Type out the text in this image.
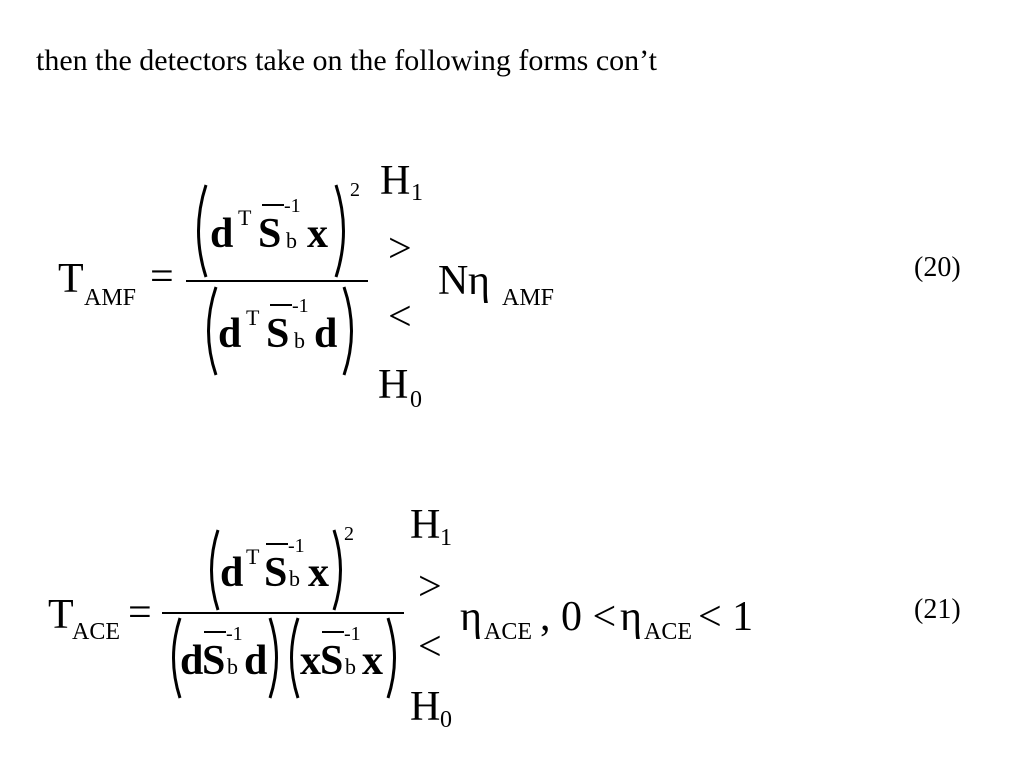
then the detectors take on the following forms con’t
T AMF =
d T S
-1
b x
2
d T S
-1
b d
H 1
>
<
H 0
N η AMF
(20)
T
ACE =
d T S
-1
b x
2
d
S
-1
b d x S
-1
b x
H 1
>
<
H 0
η ACE , 0 < η ACE < 1	(21)
